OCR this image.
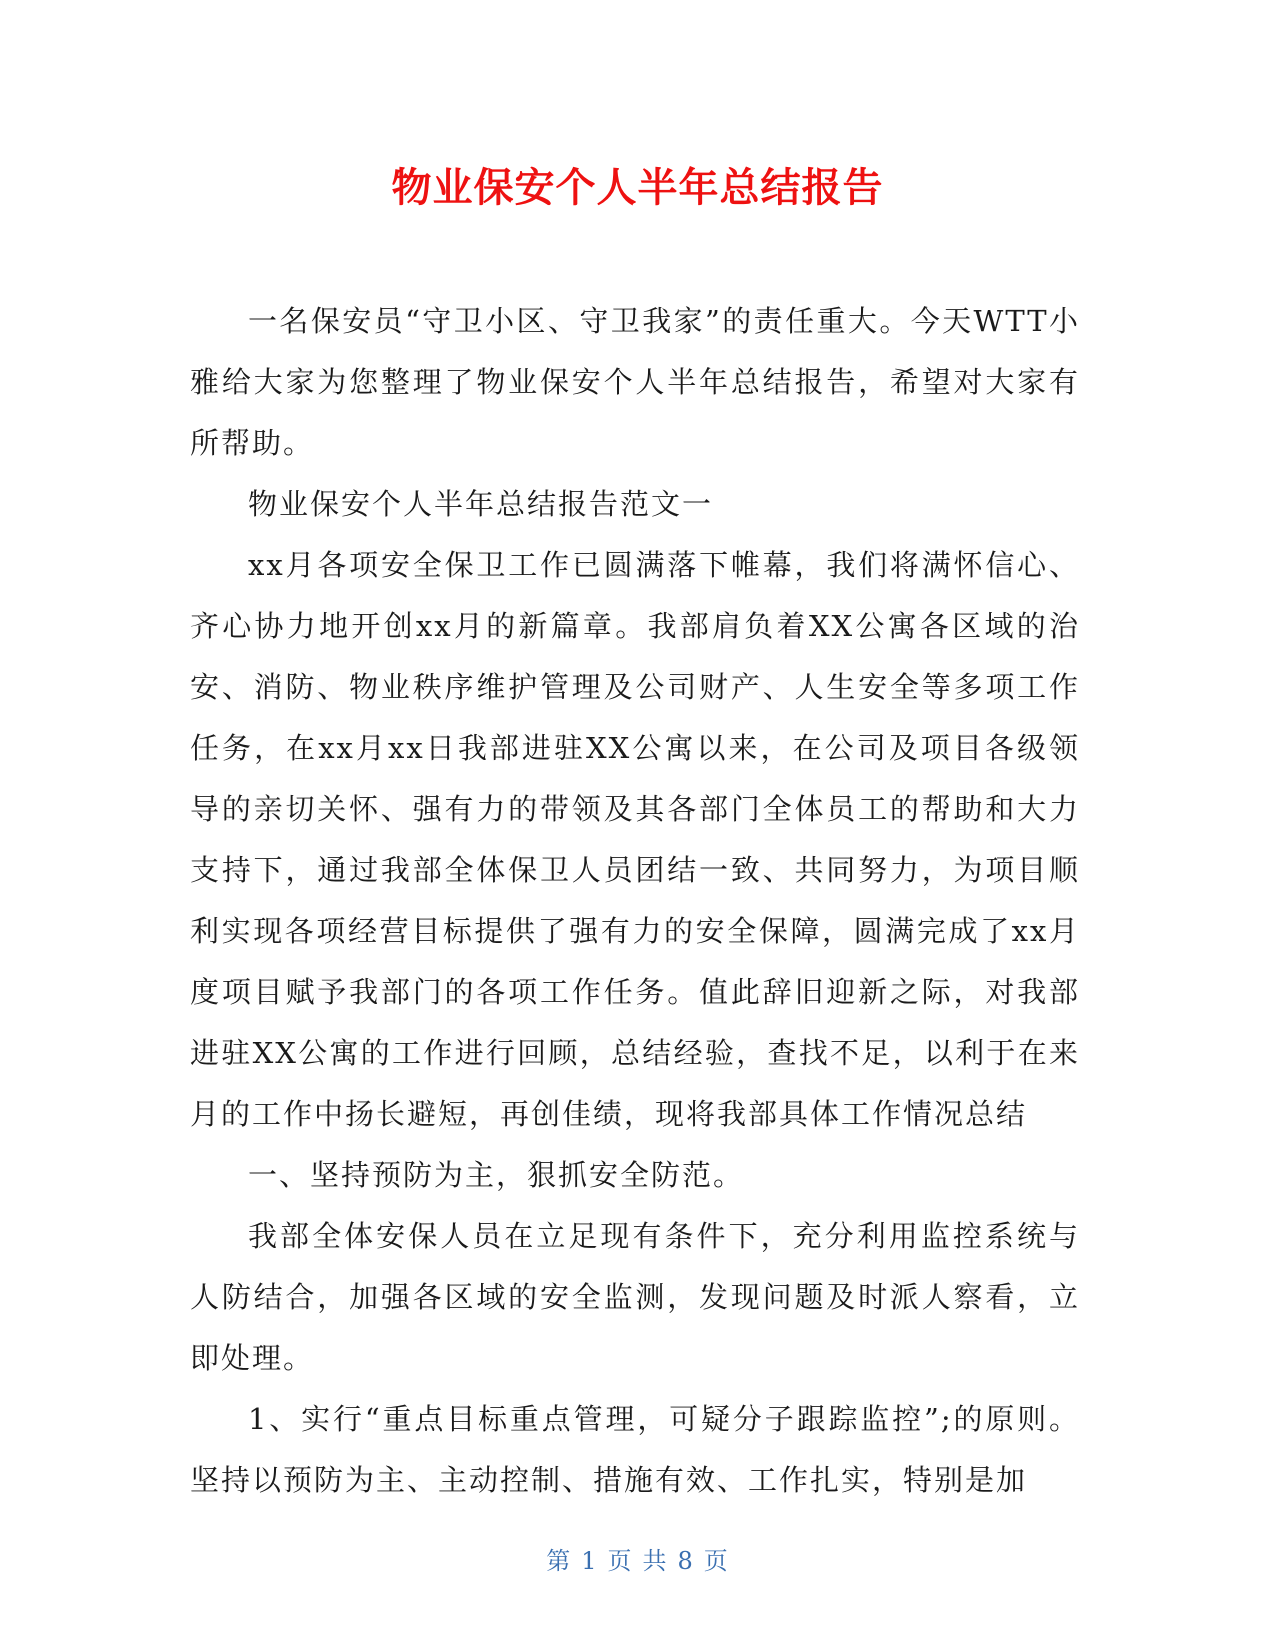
物业保安个人半年总结报告

一名保安员“守卫小区、守卫我家”的责任重大。今天WTT小雅给大家为您整理了物业保安个人半年总结报告，希望对大家有所帮助。

物业保安个人半年总结报告范文一

xx月各项安全保卫工作已圆满落下帷幕，我们将满怀信心、齐心协力地开创xx月的新篇章。我部肩负着XX公寓各区域的治安、消防、物业秩序维护管理及公司财产、人生安全等多项工作任务，在xx月xx日我部进驻XX公寓以来，在公司及项目各级领导的亲切关怀、强有力的带领及其各部门全体员工的帮助和大力支持下，通过我部全体保卫人员团结一致、共同努力，为项目顺利实现各项经营目标提供了强有力的安全保障，圆满完成了xx月度项目赋予我部门的各项工作任务。值此辞旧迎新之际，对我部进驻XX公寓的工作进行回顾，总结经验，查找不足，以利于在来月的工作中扬长避短，再创佳绩，现将我部具体工作情况总结

一、坚持预防为主，狠抓安全防范。

我部全体安保人员在立足现有条件下，充分利用监控系统与人防结合，加强各区域的安全监测，发现问题及时派人察看，立即处理。

1、实行“重点目标重点管理，可疑分子跟踪监控”;的原则。坚持以预防为主、主动控制、措施有效、工作扎实，特别是加

第 1 页 共 8 页
